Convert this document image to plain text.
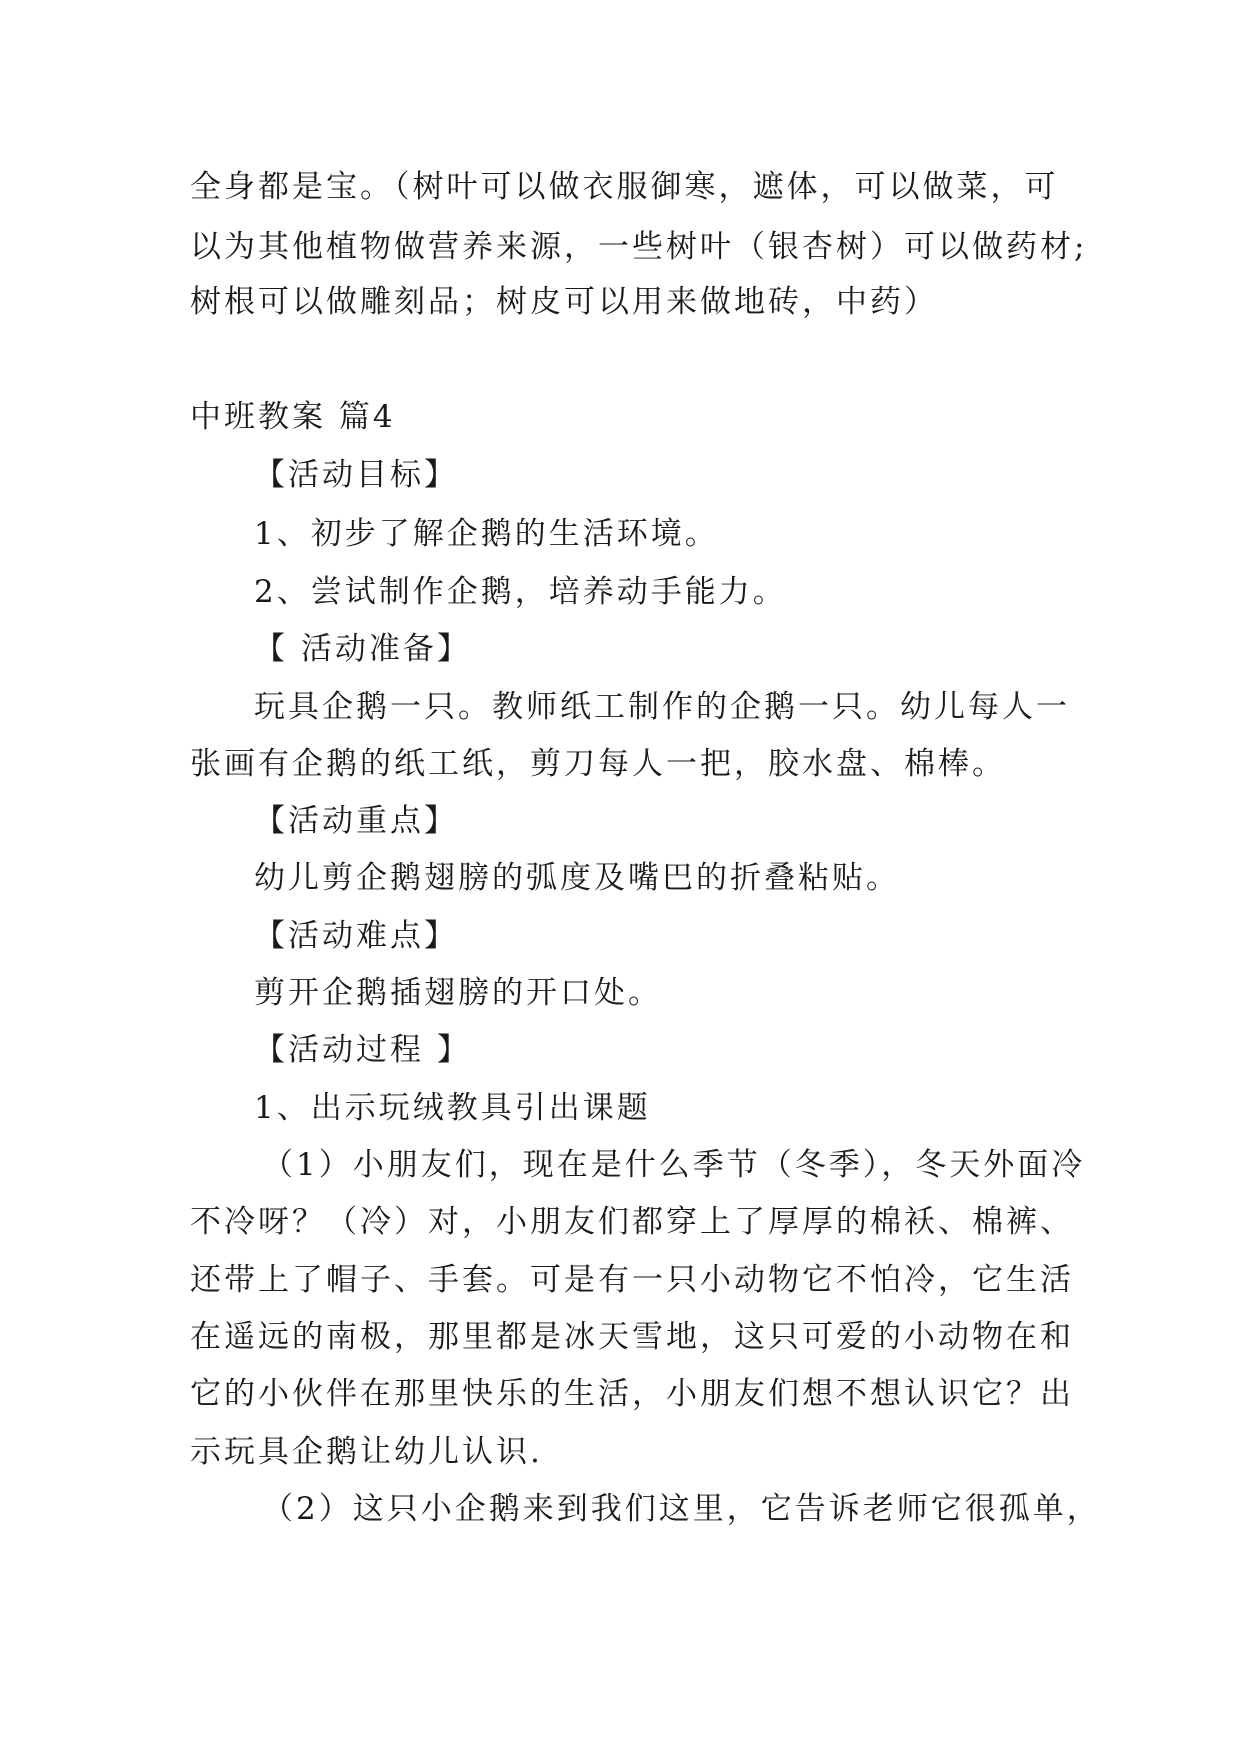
全身都是宝。（树叶可以做衣服御寒，遮体，可以做菜，可
以为其他植物做营养来源，一些树叶（银杏树）可以做药材;
树根可以做雕刻品；树皮可以用来做地砖，中药）
中班教案 篇4
【活动目标】
1、初步了解企鹅的生活环境。
2、尝试制作企鹅，培养动手能力。
【 活动准备】
玩具企鹅一只。教师纸工制作的企鹅一只。幼儿每人一
张画有企鹅的纸工纸，剪刀每人一把，胶水盘、棉棒。
【活动重点】
幼儿剪企鹅翅膀的弧度及嘴巴的折叠粘贴。
【活动难点】
剪开企鹅插翅膀的开口处。
【活动过程 】
1、出示玩绒教具引出课题
（1）小朋友们，现在是什么季节（冬季），冬天外面冷
不冷呀？（冷）对，小朋友们都穿上了厚厚的棉袄、棉裤、
还带上了帽子、手套。可是有一只小动物它不怕冷，它生活
在遥远的南极，那里都是冰天雪地，这只可爱的小动物在和
它的小伙伴在那里快乐的生活，小朋友们想不想认识它？出
示玩具企鹅让幼儿认识.
（2）这只小企鹅来到我们这里，它告诉老师它很孤单，
